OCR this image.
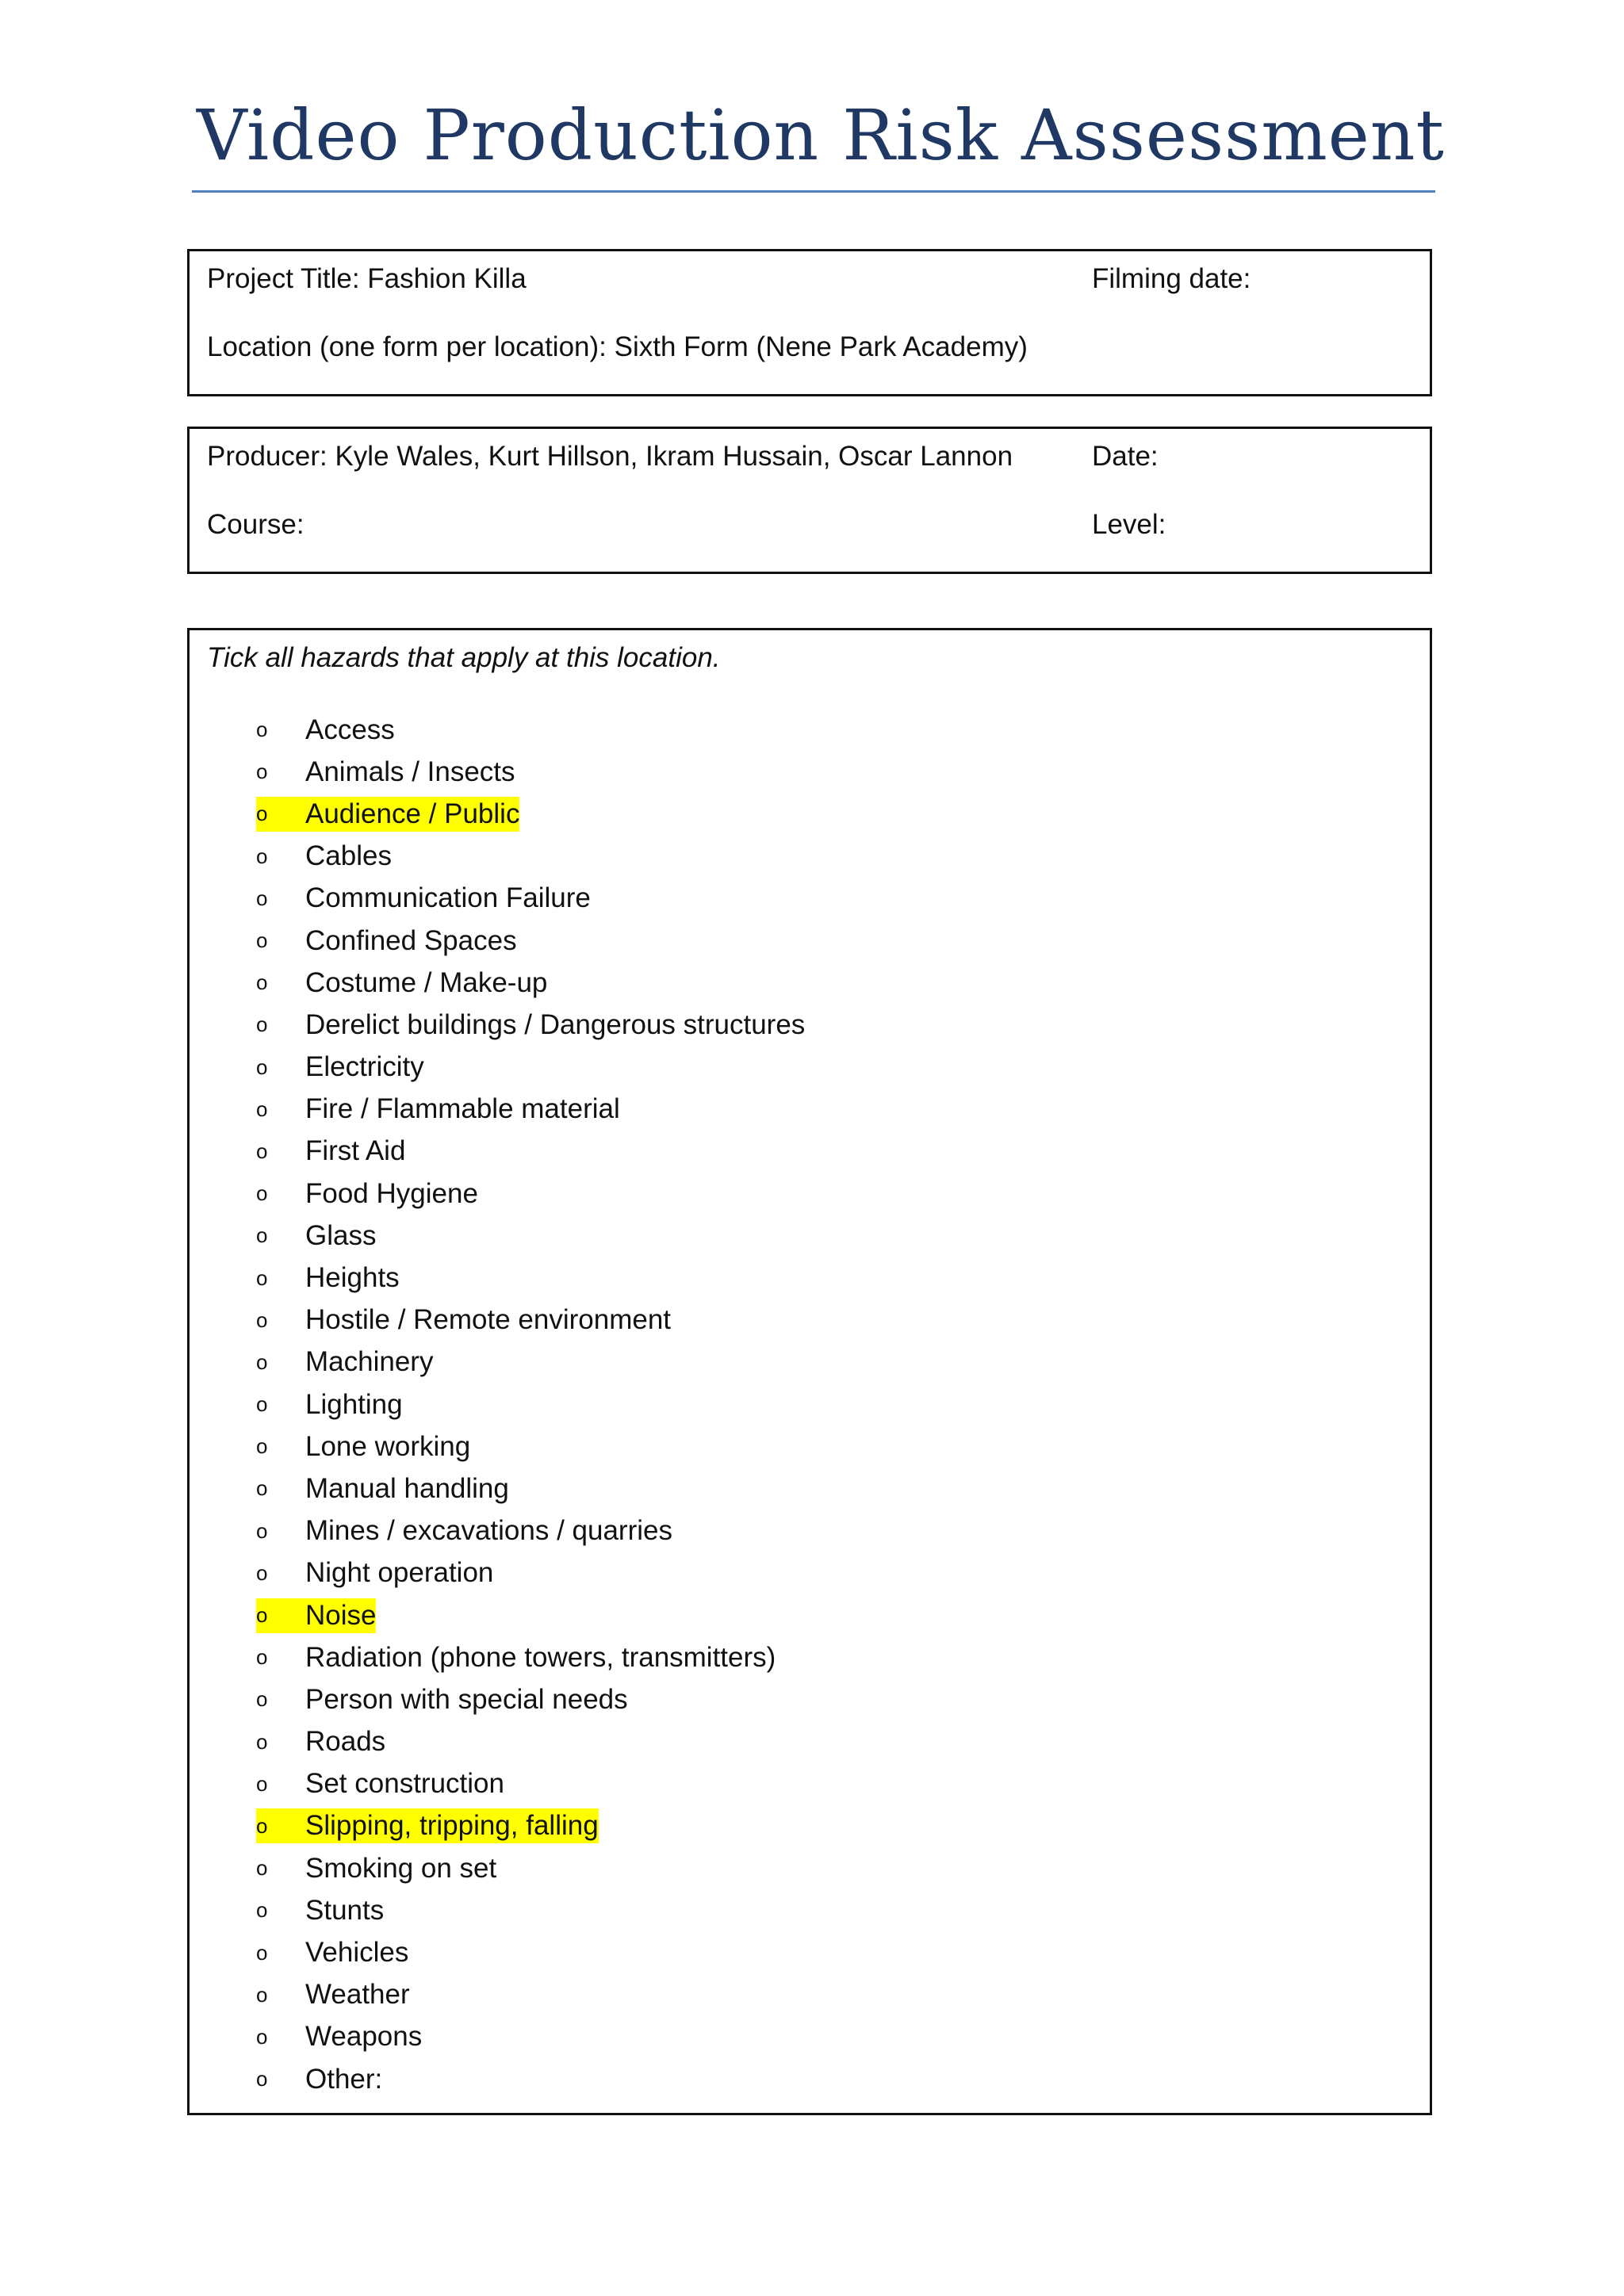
Video Production Risk Assessment
Project Title: Fashion Killa	Filming date:
Location (one form per location): Sixth Form (Nene Park Academy)
Producer: Kyle Wales, Kurt Hillson, Ikram Hussain, Oscar Lannon	Date:
Course:	Level:
Tick all hazards that apply at this location.
o	Access
o	Animals / Insects
o	Audience / Public
o	Cables
o	Communication Failure
o	Confined Spaces
o	Costume / Make-up
o	Derelict buildings / Dangerous structures
o	Electricity
o	Fire / Flammable material
o	First Aid
o	Food Hygiene
o	Glass
o	Heights
o	Hostile / Remote environment
o	Machinery
o	Lighting
o	Lone working
o	Manual handling
o	Mines / excavations / quarries
o	Night operation
o	Noise
o	Radiation (phone towers, transmitters)
o	Person with special needs
o	Roads
o	Set construction
o	Slipping, tripping, falling
o	Smoking on set
o	Stunts
o	Vehicles
o	Weather
o	Weapons
o	Other:
